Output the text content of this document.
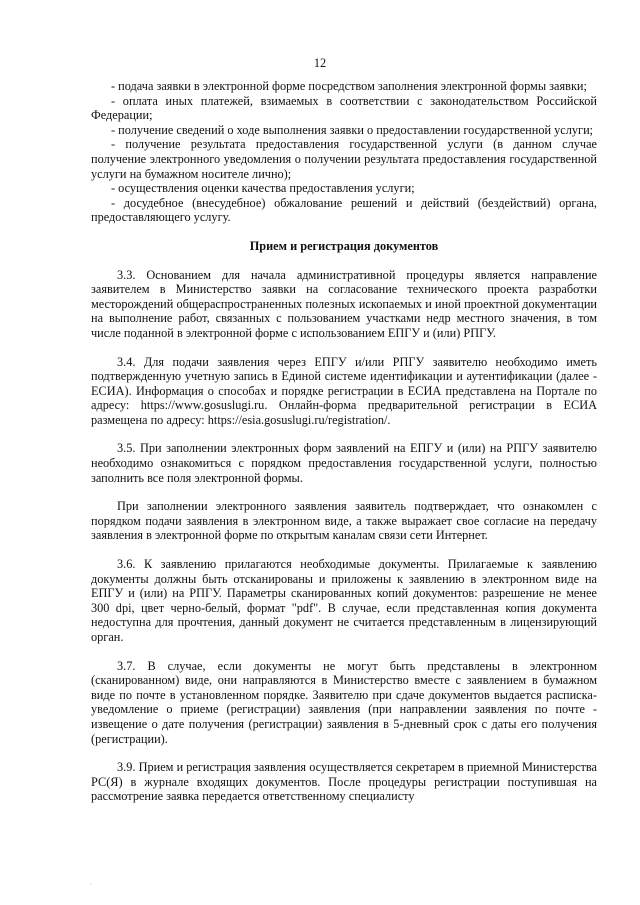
12

- подача заявки в электронной форме посредством заполнения электронной формы заявки;

- оплата иных платежей, взимаемых в соответствии с законодательством Российской Федерации;

- получение сведений о ходе выполнения заявки о предоставлении государственной услуги;

- получение результата предоставления государственной услуги (в данном случае получение электронного уведомления о получении результата предоставления государственной услуги на бумажном носителе лично);

- осуществления оценки качества предоставления услуги;

- досудебное (внесудебное) обжалование решений и действий (бездействий) органа, предоставляющего услугу.

Прием и регистрация документов

3.3. Основанием для начала административной процедуры является направление заявителем в Министерство заявки на согласование технического проекта разработки месторождений общераспространенных полезных ископаемых и иной проектной документации на выполнение работ, связанных с пользованием участками недр местного значения, в том числе поданной в электронной форме с использованием ЕПГУ и (или) РПГУ.

3.4. Для подачи заявления через ЕПГУ и/или РПГУ заявителю необходимо иметь подтвержденную учетную запись в Единой системе идентификации и аутентификации (далее - ЕСИА). Информация о способах и порядке регистрации в ЕСИА представлена на Портале по адресу: https://www.gosuslugi.ru. Онлайн-форма предварительной регистрации в ЕСИА размещена по адресу: https://esia.gosuslugi.ru/registration/.

3.5. При заполнении электронных форм заявлений на ЕПГУ и (или) на РПГУ заявителю необходимо ознакомиться с порядком предоставления государственной услуги, полностью заполнить все поля электронной формы.

При заполнении электронного заявления заявитель подтверждает, что ознакомлен с порядком подачи заявления в электронном виде, а также выражает свое согласие на передачу заявления в электронной форме по открытым каналам связи сети Интернет.

3.6. К заявлению прилагаются необходимые документы. Прилагаемые к заявлению документы должны быть отсканированы и приложены к заявлению в электронном виде на ЕПГУ и (или) на РПГУ. Параметры сканированных копий документов: разрешение не менее 300 dpi, цвет черно-белый, формат "pdf". В случае, если представленная копия документа недоступна для прочтения, данный документ не считается представленным в лицензирующий орган.

3.7. В случае, если документы не могут быть представлены в электронном (сканированном) виде, они направляются в Министерство вместе с заявлением в бумажном виде по почте в установленном порядке. Заявителю при сдаче документов выдается расписка-уведомление о приеме (регистрации) заявления (при направлении заявления по почте - извещение о дате получения (регистрации) заявления в 5-дневный срок с даты его получения (регистрации).

3.9. Прием и регистрация заявления осуществляется секретарем в приемной Министерства РС(Я) в журнале входящих документов. После процедуры регистрации поступившая на рассмотрение заявка передается ответственному специалисту

·
